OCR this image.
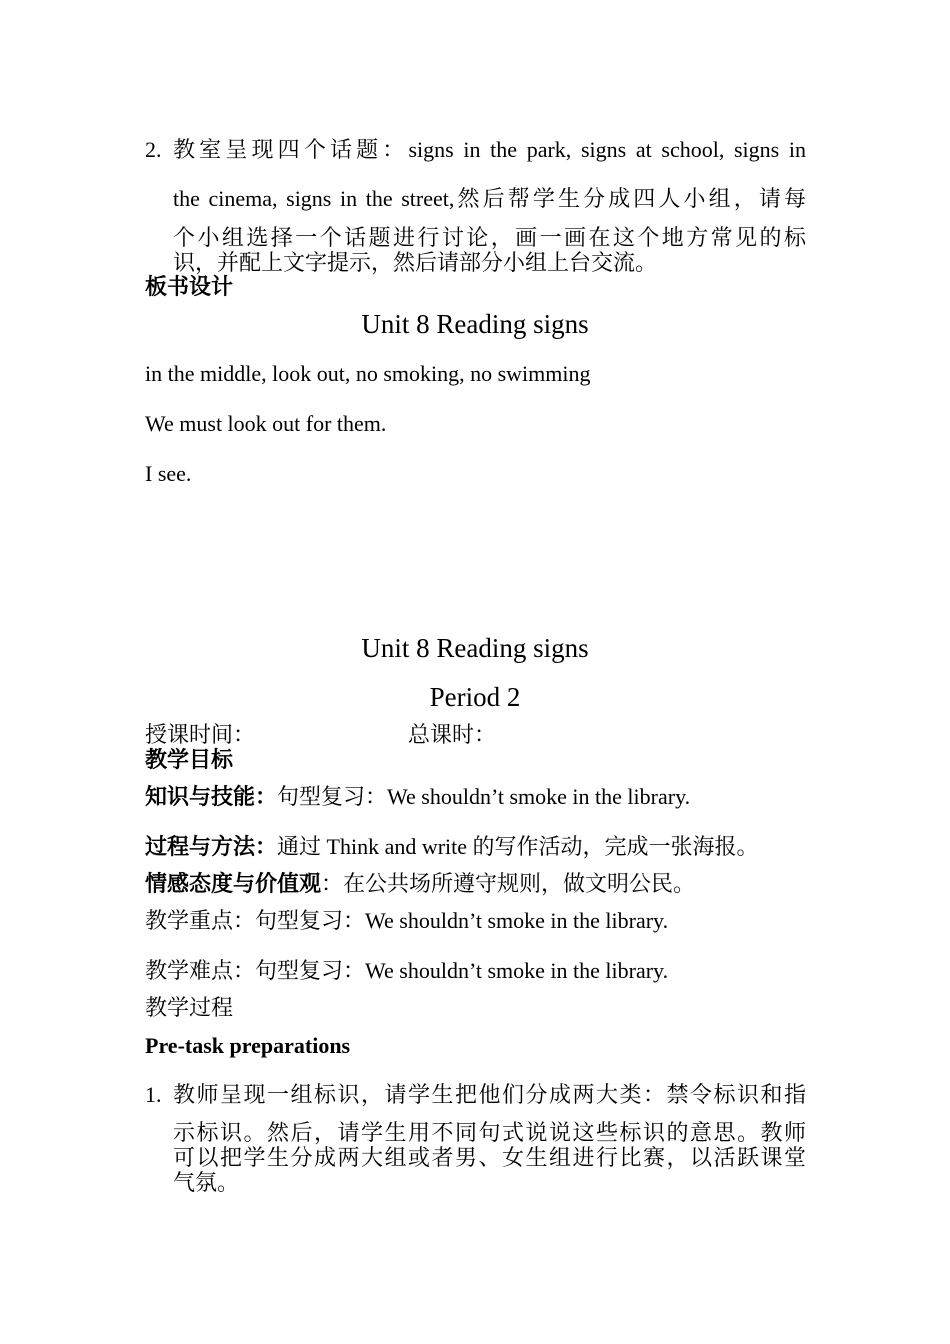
2. 教室呈现四个话题：signs in the park, signs at school, signs in
the cinema, signs in the street,然后帮学生分成四人小组，请每
个小组选择一个话题进行讨论，画一画在这个地方常见的标
识，并配上文字提示，然后请部分小组上台交流。
板书设计
Unit 8 Reading signs
in the middle, look out, no smoking, no swimming
We must look out for them.
I see.
Unit 8 Reading signs
Period 2
授课时间：	总课时：
教学目标
知识与技能：句型复习：We shouldn’t smoke in the library.
过程与方法：通过 Think and write 的写作活动，完成一张海报。
情感态度与价值观：在公共场所遵守规则，做文明公民。
教学重点：句型复习：We shouldn’t smoke in the library.
教学难点：句型复习：We shouldn’t smoke in the library.
教学过程
Pre-task preparations
1. 教师呈现一组标识，请学生把他们分成两大类：禁令标识和指
示标识。然后，请学生用不同句式说说这些标识的意思。教师
可以把学生分成两大组或者男、女生组进行比赛，以活跃课堂
气氛。
